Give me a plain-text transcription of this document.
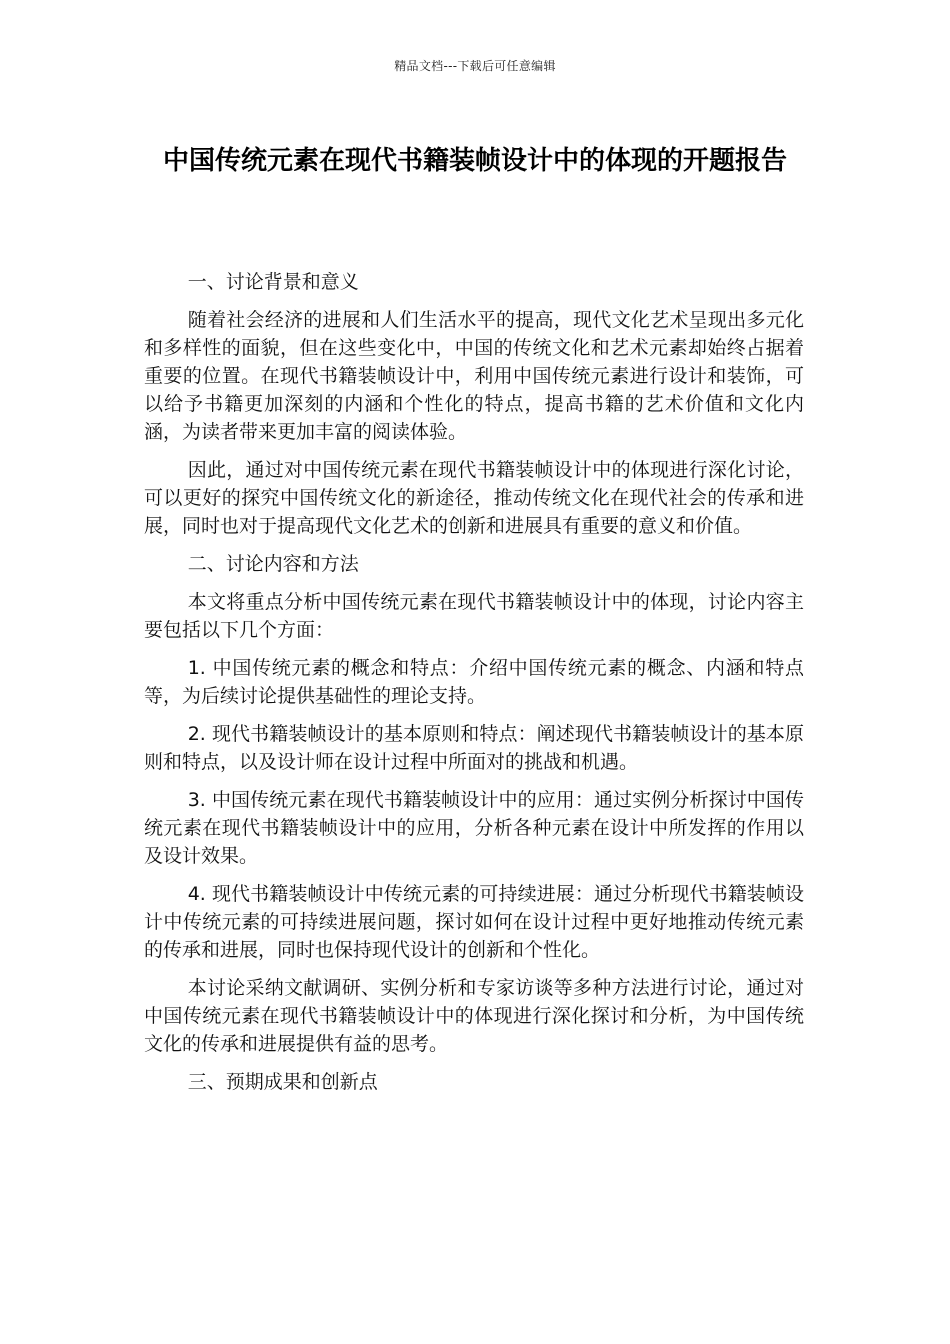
精品文档---下载后可任意编辑
中国传统元素在现代书籍装帧设计中的体现的开题报告

一、讨论背景和意义

随着社会经济的进展和人们生活水平的提高，现代文化艺术呈现出多元化和多样性的面貌，但在这些变化中，中国的传统文化和艺术元素却始终占据着重要的位置。在现代书籍装帧设计中，利用中国传统元素进行设计和装饰，可以给予书籍更加深刻的内涵和个性化的特点，提高书籍的艺术价值和文化内涵，为读者带来更加丰富的阅读体验。

因此，通过对中国传统元素在现代书籍装帧设计中的体现进行深化讨论，可以更好的探究中国传统文化的新途径，推动传统文化在现代社会的传承和进展，同时也对于提高现代文化艺术的创新和进展具有重要的意义和价值。

二、讨论内容和方法

本文将重点分析中国传统元素在现代书籍装帧设计中的体现，讨论内容主要包括以下几个方面：

1. 中国传统元素的概念和特点：介绍中国传统元素的概念、内涵和特点等，为后续讨论提供基础性的理论支持。

2. 现代书籍装帧设计的基本原则和特点：阐述现代书籍装帧设计的基本原则和特点，以及设计师在设计过程中所面对的挑战和机遇。

3. 中国传统元素在现代书籍装帧设计中的应用：通过实例分析探讨中国传统元素在现代书籍装帧设计中的应用，分析各种元素在设计中所发挥的作用以及设计效果。

4. 现代书籍装帧设计中传统元素的可持续进展：通过分析现代书籍装帧设计中传统元素的可持续进展问题，探讨如何在设计过程中更好地推动传统元素的传承和进展，同时也保持现代设计的创新和个性化。

本讨论采纳文献调研、实例分析和专家访谈等多种方法进行讨论，通过对中国传统元素在现代书籍装帧设计中的体现进行深化探讨和分析，为中国传统文化的传承和进展提供有益的思考。

三、预期成果和创新点
